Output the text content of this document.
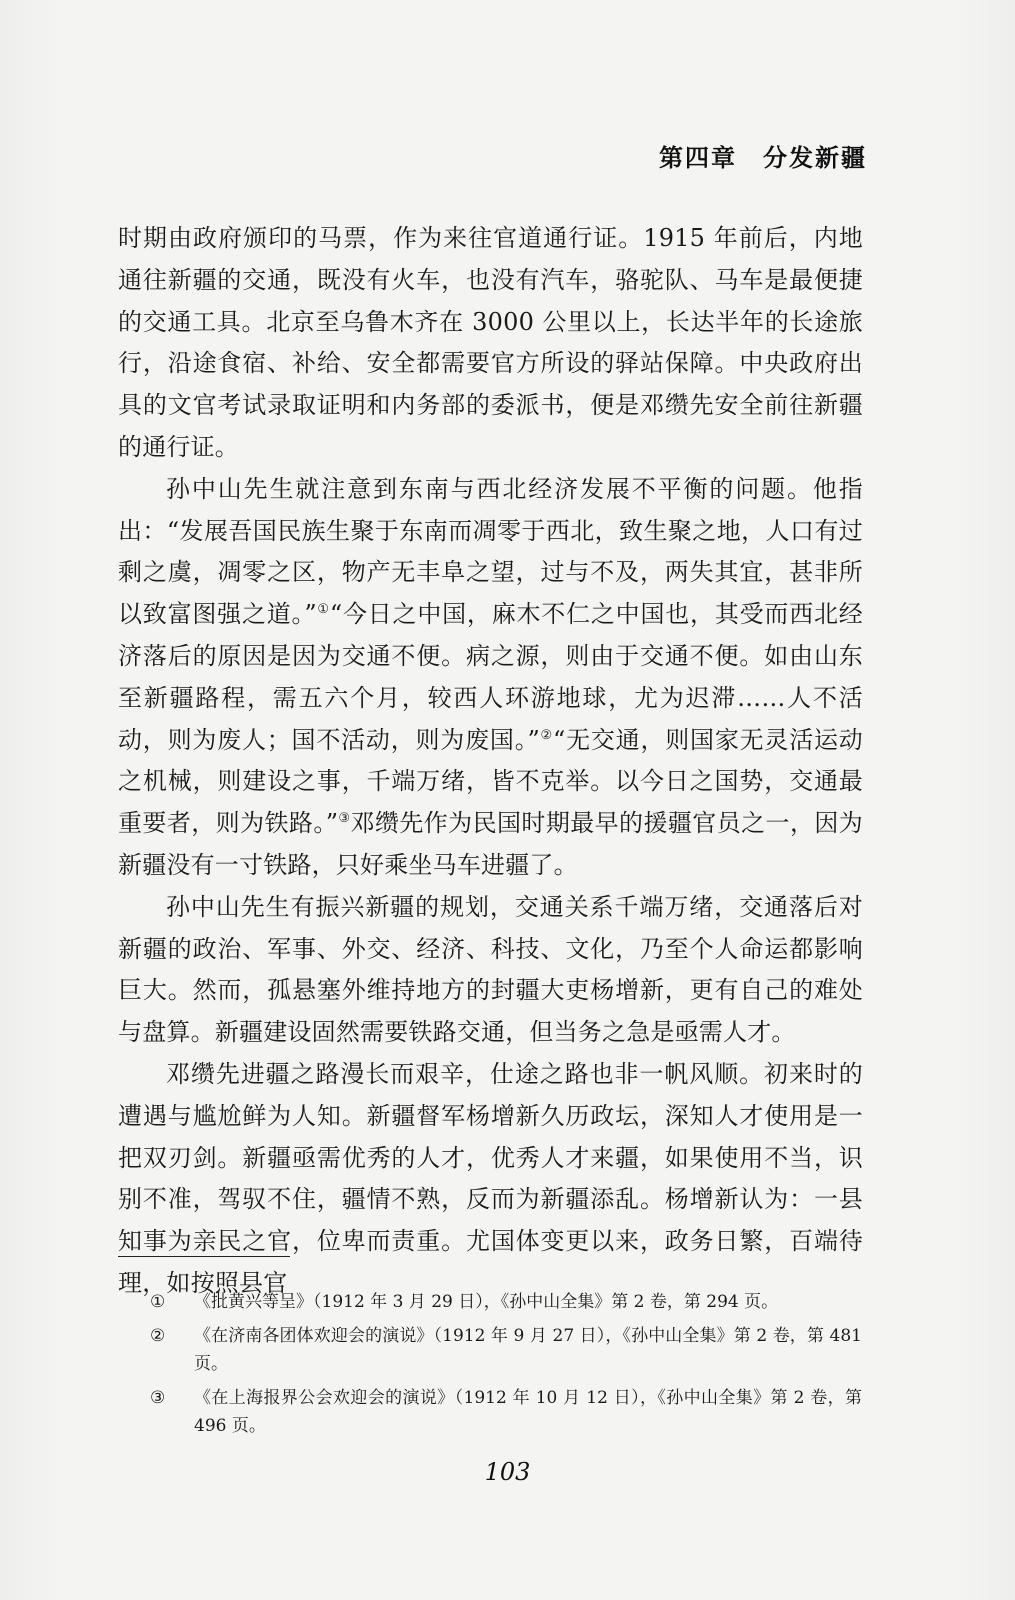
第四章　分发新疆

时期由政府颁印的马票，作为来往官道通行证。1915 年前后，内地通往新疆的交通，既没有火车，也没有汽车，骆驼队、马车是最便捷的交通工具。北京至乌鲁木齐在 3000 公里以上，长达半年的长途旅行，沿途食宿、补给、安全都需要官方所设的驿站保障。中央政府出具的文官考试录取证明和内务部的委派书，便是邓缵先安全前往新疆的通行证。

孙中山先生就注意到东南与西北经济发展不平衡的问题。他指出：“发展吾国民族生聚于东南而凋零于西北，致生聚之地，人口有过剩之虞，凋零之区，物产无丰阜之望，过与不及，两失其宜，甚非所以致富图强之道。”①“今日之中国，麻木不仁之中国也，其受而西北经济落后的原因是因为交通不便。病之源，则由于交通不便。如由山东至新疆路程，需五六个月，较西人环游地球，尤为迟滞……人不活动，则为废人；国不活动，则为废国。”②“无交通，则国家无灵活运动之机械，则建设之事，千端万绪，皆不克举。以今日之国势，交通最重要者，则为铁路。”③邓缵先作为民国时期最早的援疆官员之一，因为新疆没有一寸铁路，只好乘坐马车进疆了。

孙中山先生有振兴新疆的规划，交通关系千端万绪，交通落后对新疆的政治、军事、外交、经济、科技、文化，乃至个人命运都影响巨大。然而，孤悬塞外维持地方的封疆大吏杨增新，更有自己的难处与盘算。新疆建设固然需要铁路交通，但当务之急是亟需人才。

邓缵先进疆之路漫长而艰辛，仕途之路也非一帆风顺。初来时的遭遇与尴尬鲜为人知。新疆督军杨增新久历政坛，深知人才使用是一把双刃剑。新疆亟需优秀的人才，优秀人才来疆，如果使用不当，识别不准，驾驭不住，疆情不熟，反而为新疆添乱。杨增新认为：一县知事为亲民之官，位卑而责重。尤国体变更以来，政务日繁，百端待理，如按照县官

① 《批黄兴等呈》（1912 年 3 月 29 日），《孙中山全集》第 2 卷，第 294 页。
② 《在济南各团体欢迎会的演说》（1912 年 9 月 27 日），《孙中山全集》第 2 卷，第 481 页。
③ 《在上海报界公会欢迎会的演说》（1912 年 10 月 12 日），《孙中山全集》第 2 卷，第 496 页。
103
